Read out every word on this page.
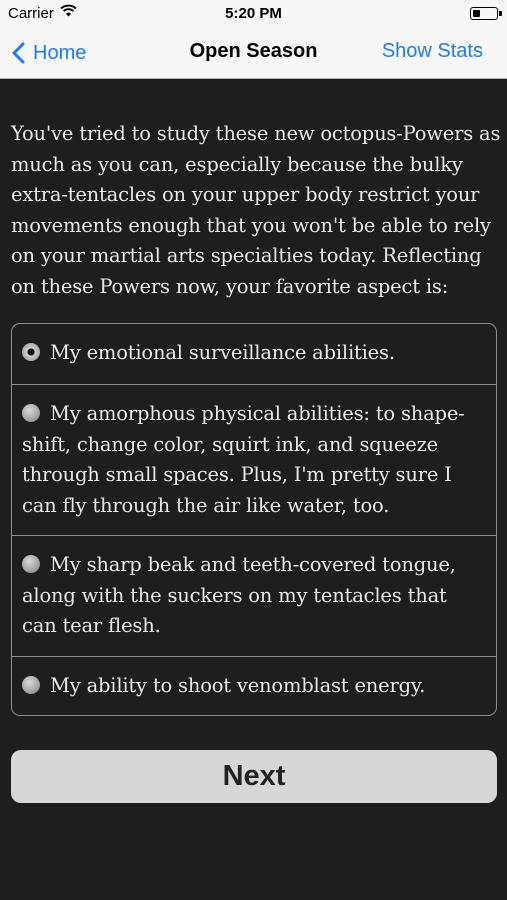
Carrier	5:20 PM
Home	Open Season	Show Stats

You've tried to study these new octopus-Powers as much as you can, especially because the bulky extra-tentacles on your upper body restrict your movements enough that you won't be able to rely on your martial arts specialties today. Reflecting on these Powers now, your favorite aspect is:

My emotional surveillance abilities.
My amorphous physical abilities: to shape-shift, change color, squirt ink, and squeeze through small spaces. Plus, I'm pretty sure I can fly through the air like water, too.
My sharp beak and teeth-covered tongue, along with the suckers on my tentacles that can tear flesh.
My ability to shoot venomblast energy.
Next
